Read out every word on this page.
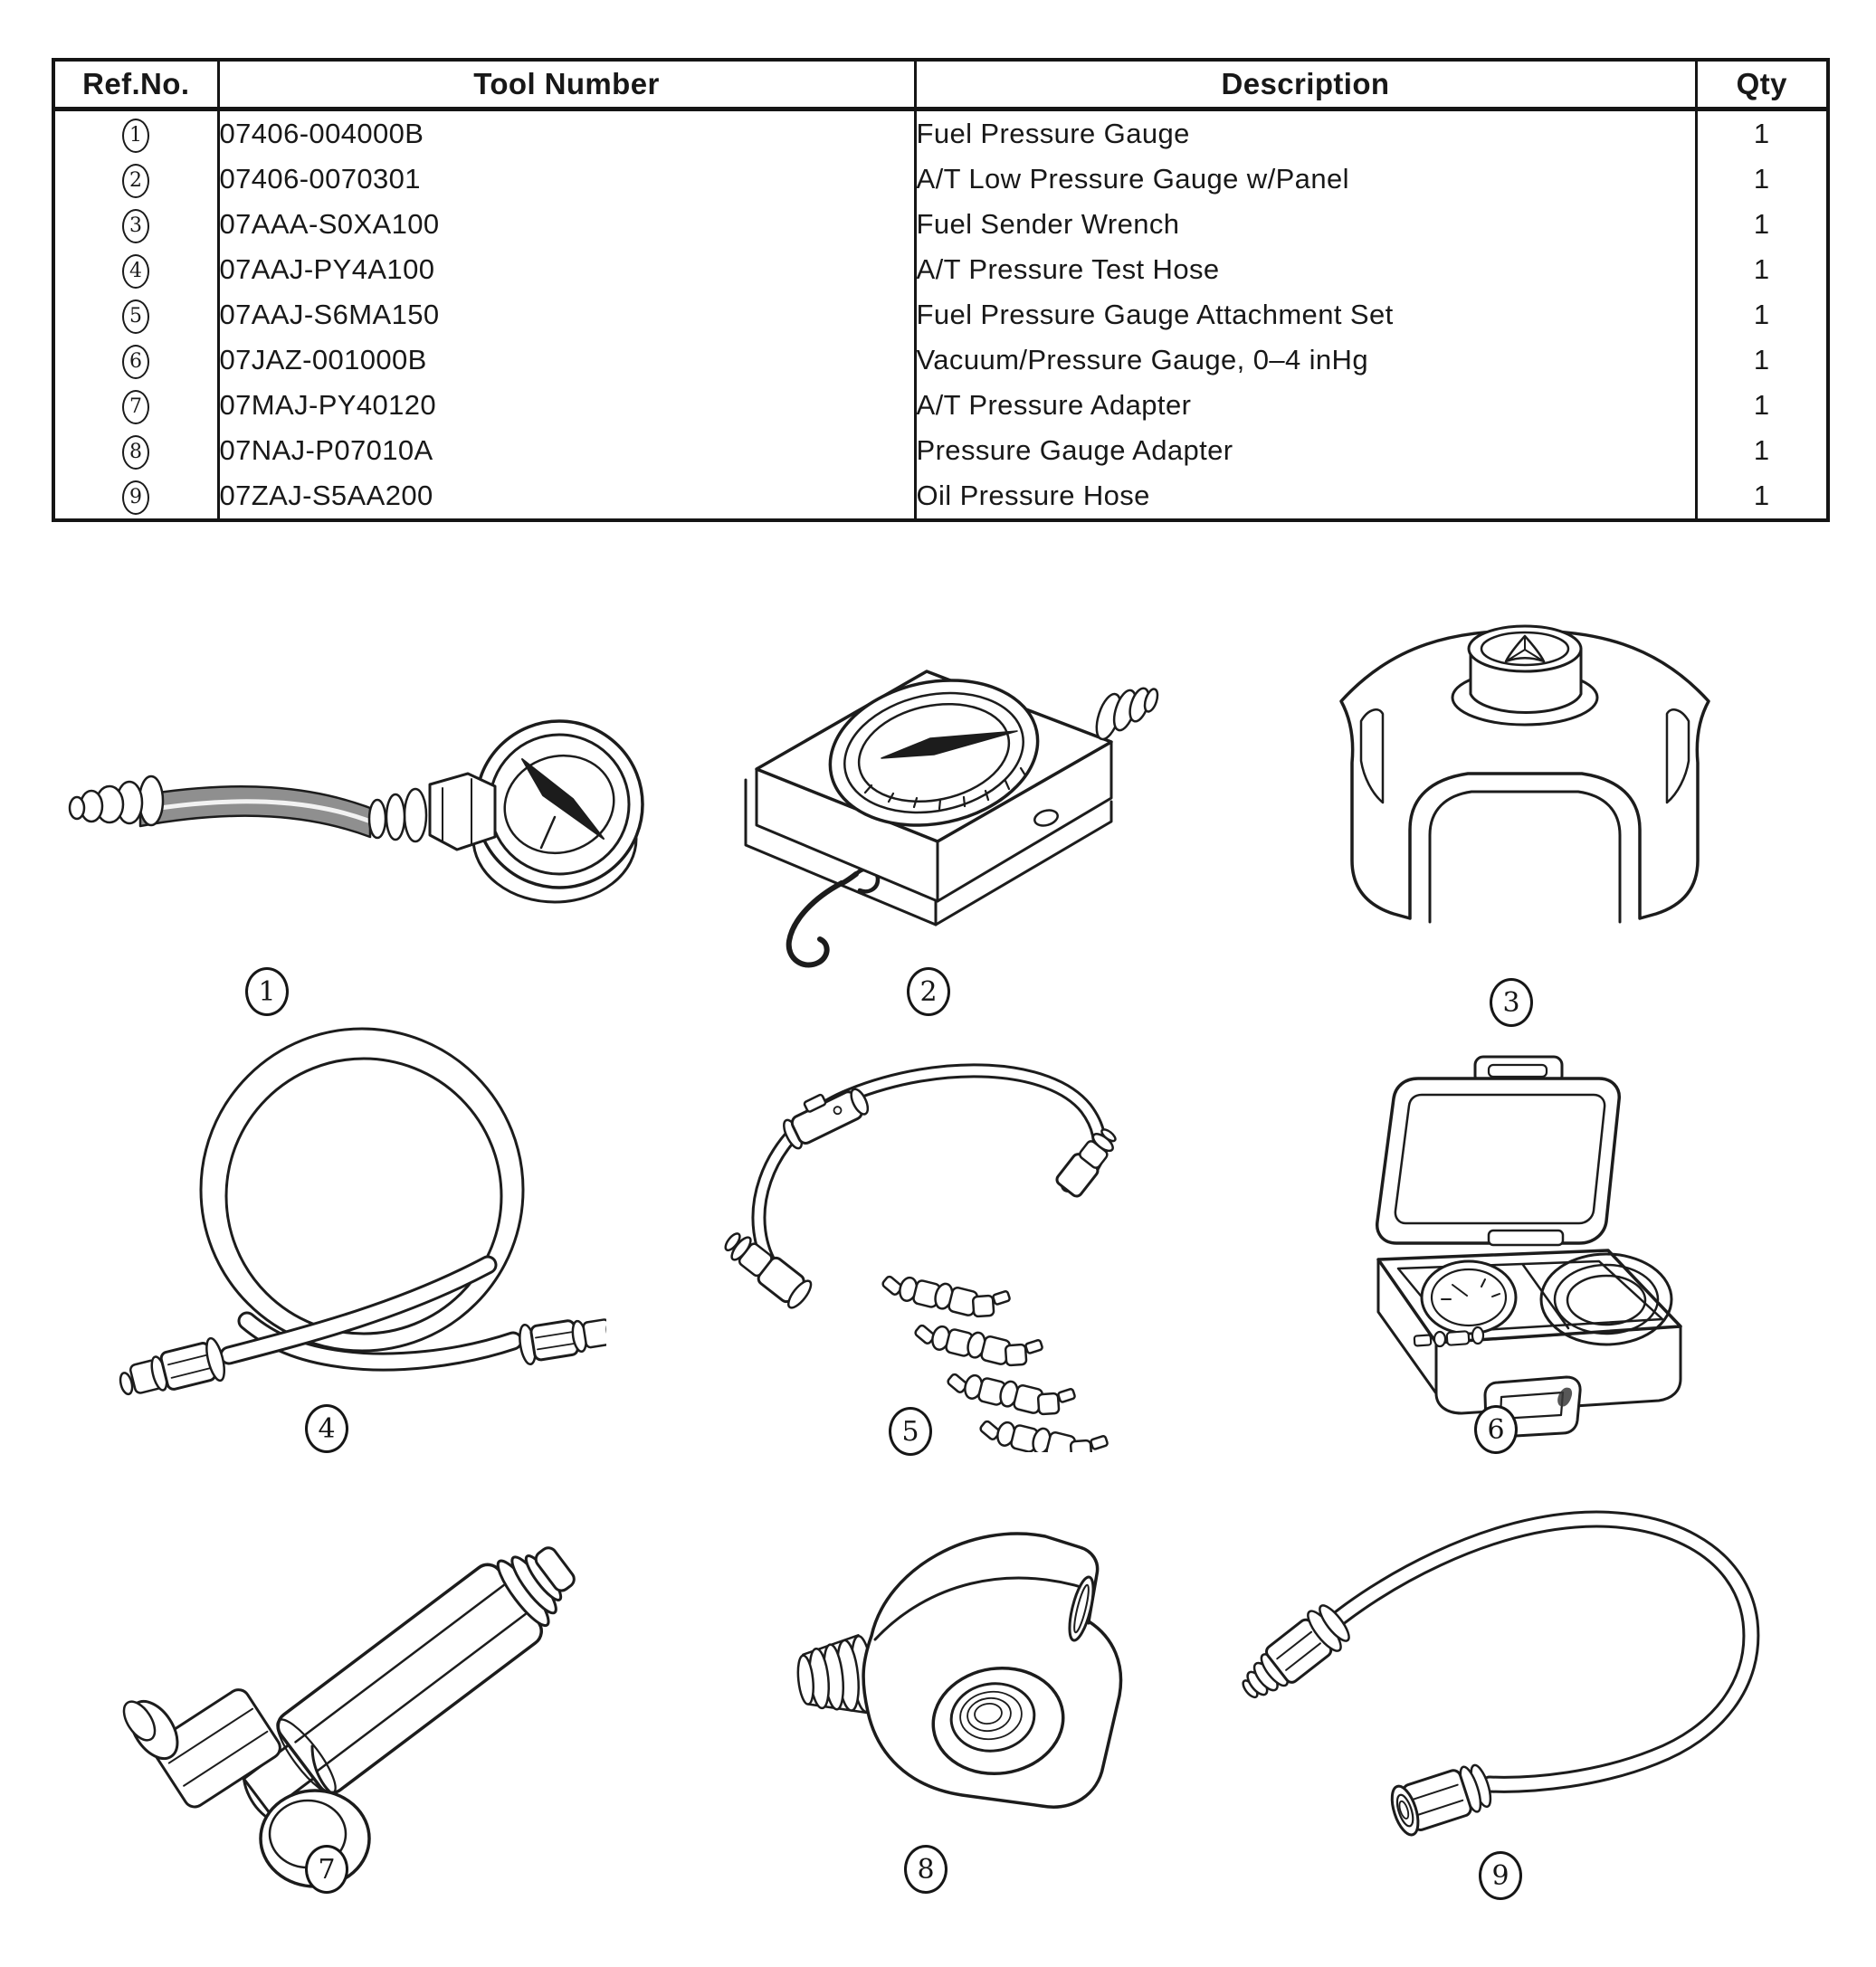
Ref.No.	Tool Number	Description	Qty
1	07406-004000B	Fuel Pressure Gauge	1
2	07406-0070301	A/T Low Pressure Gauge w/Panel	1
3	07AAA-S0XA100	Fuel Sender Wrench	1
4	07AAJ-PY4A100	A/T Pressure Test Hose	1
5	07AAJ-S6MA150	Fuel Pressure Gauge Attachment Set	1
6	07JAZ-001000B	Vacuum/Pressure Gauge, 0–4 inHg	1
7	07MAJ-PY40120	A/T Pressure Adapter	1
8	07NAJ-P07010A	Pressure Gauge Adapter	1
9	07ZAJ-S5AA200	Oil Pressure Hose	1
1	2	3
4	5	6
7	8	9
